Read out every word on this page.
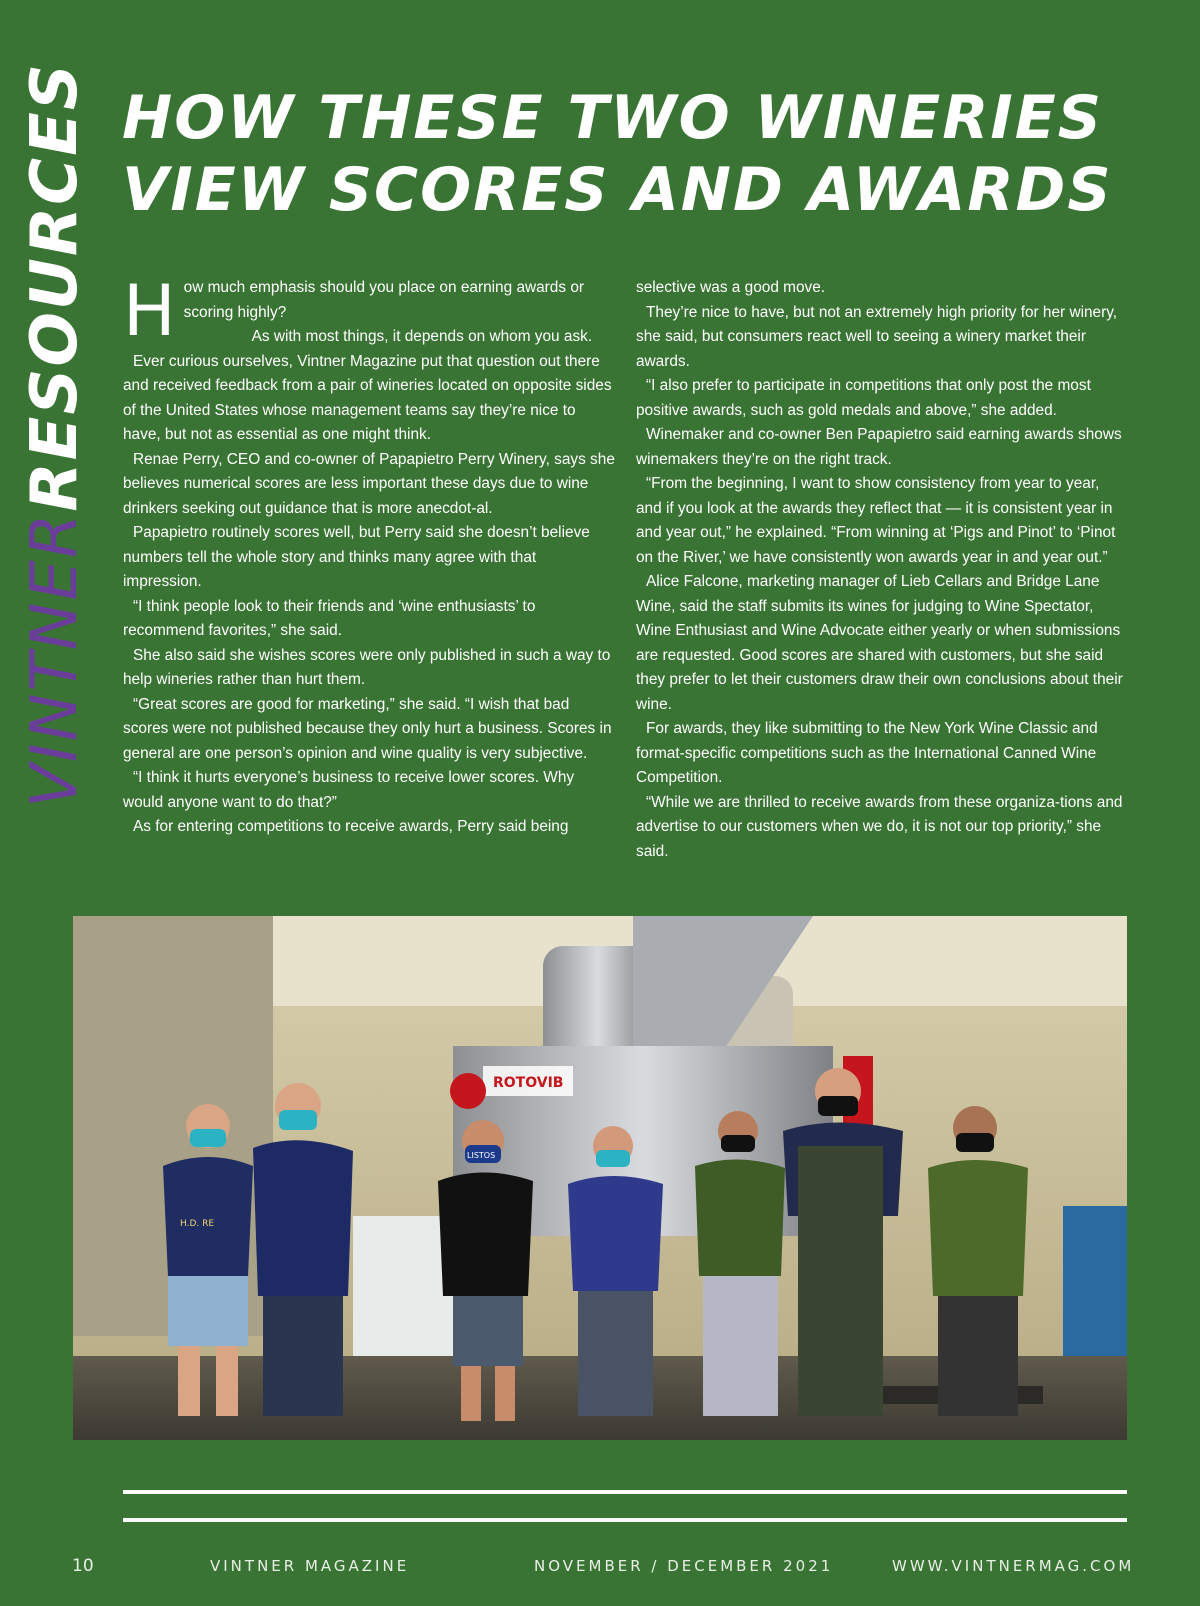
VINTNERRESOURCES HOW THESE TWO WINERIES
VIEW SCORES AND AWARDS

How much emphasis should you place on earning awards or scoring highly?

As with most things, it depends on whom you ask.

Ever curious ourselves, Vintner Magazine put that question out there and received feedback from a pair of wineries located on opposite sides of the United States whose management teams say they’re nice to have, but not as essential as one might think.

Renae Perry, CEO and co-owner of Papapietro Perry Winery, says she believes numerical scores are less important these days due to wine drinkers seeking out guidance that is more anecdot-al.

Papapietro routinely scores well, but Perry said she doesn’t believe numbers tell the whole story and thinks many agree with that impression.

“I think people look to their friends and ‘wine enthusiasts’ to recommend favorites,” she said.

She also said she wishes scores were only published in such a way to help wineries rather than hurt them.

“Great scores are good for marketing,” she said. “I wish that bad scores were not published because they only hurt a business. Scores in general are one person’s opinion and wine quality is very subjective.

“I think it hurts everyone’s business to receive lower scores. Why would anyone want to do that?”

As for entering competitions to receive awards, Perry said being

selective was a good move.

They’re nice to have, but not an extremely high priority for her winery, she said, but consumers react well to seeing a winery market their awards.

“I also prefer to participate in competitions that only post the most positive awards, such as gold medals and above,” she added.

Winemaker and co-owner Ben Papapietro said earning awards shows winemakers they’re on the right track.

“From the beginning, I want to show consistency from year to year, and if you look at the awards they reflect that — it is consistent year in and year out,” he explained. “From winning at ‘Pigs and Pinot’ to ‘Pinot on the River,’ we have consistently won awards year in and year out.”

Alice Falcone, marketing manager of Lieb Cellars and Bridge Lane Wine, said the staff submits its wines for judging to Wine Spectator, Wine Enthusiast and Wine Advocate either yearly or when submissions are requested. Good scores are shared with customers, but she said they prefer to let their customers draw their own conclusions about their wine.

For awards, they like submitting to the New York Wine Classic and format-specific competitions such as the International Canned Wine Competition.

“While we are thrilled to receive awards from these organiza-tions and advertise to our customers when we do, it is not our top priority,” she said.

ROTOVIB
H.D. RE
LISTOS
10	VINTNER MAGAZINE	NOVEMBER / DECEMBER 2021	WWW.VINTNERMAG.COM
